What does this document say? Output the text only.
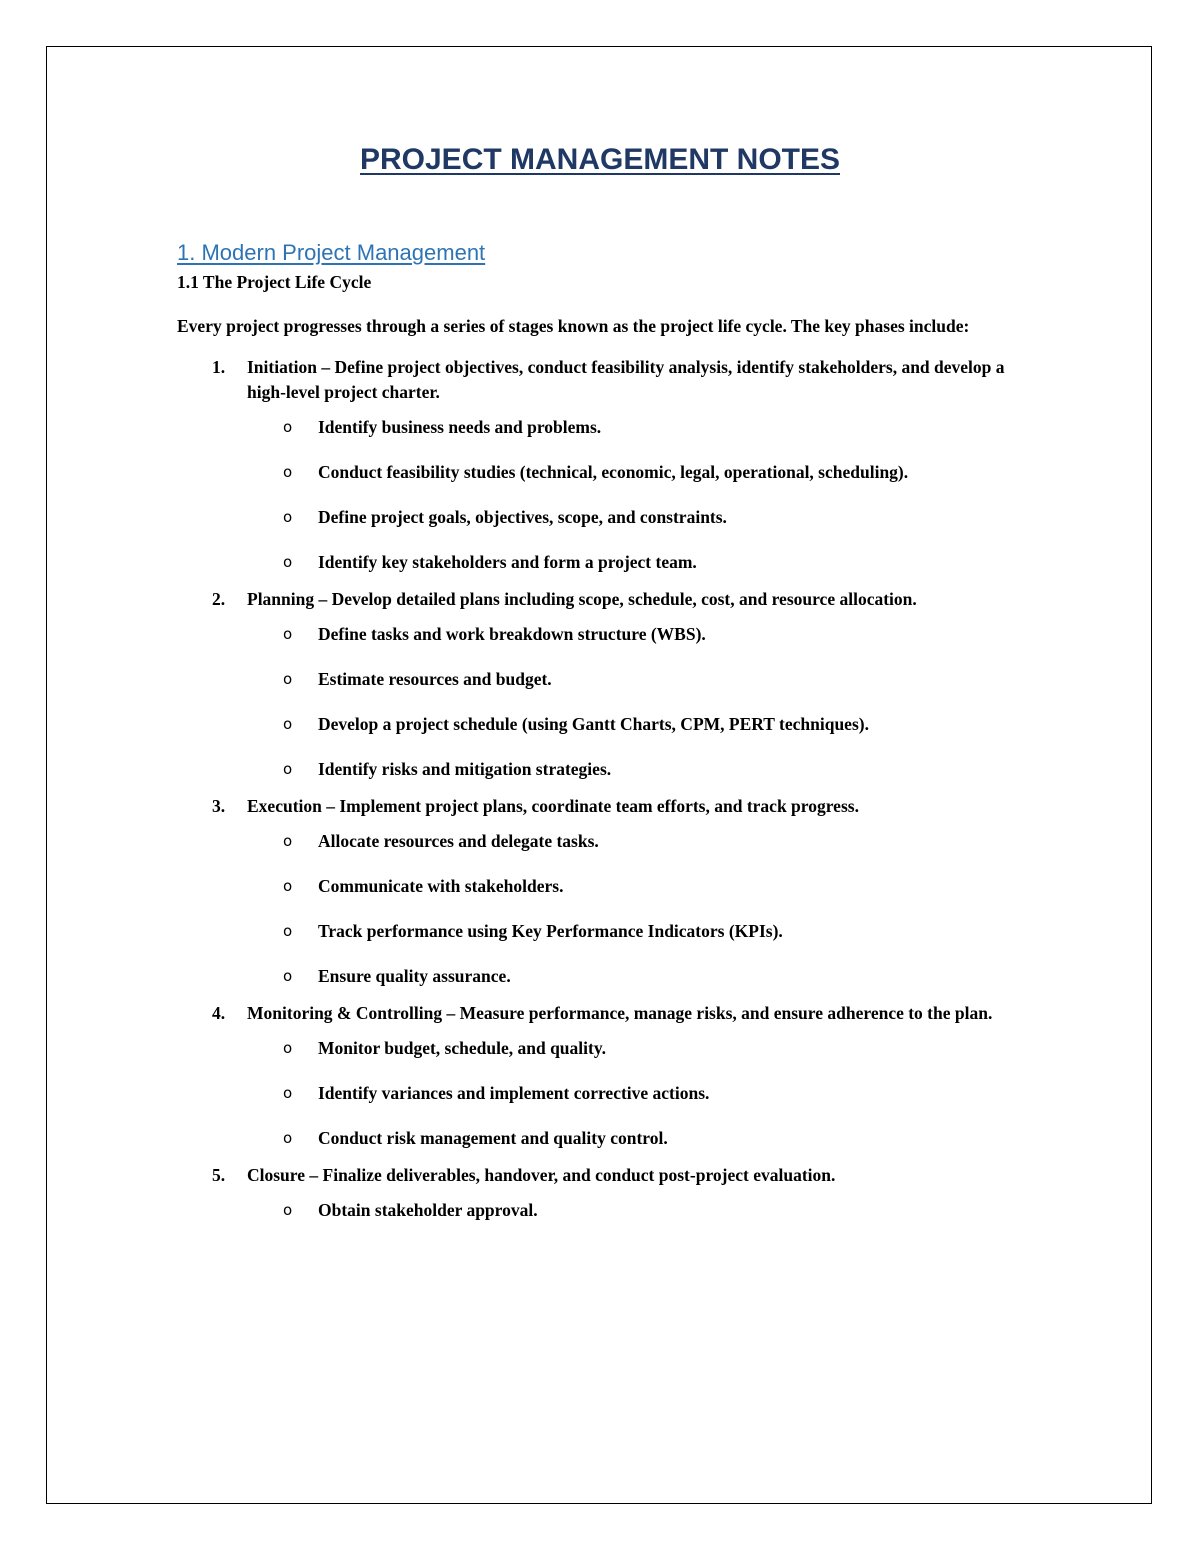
PROJECT MANAGEMENT NOTES
1. Modern Project Management
1.1 The Project Life Cycle

Every project progresses through a series of stages known as the project life cycle. The key phases include:

1. Initiation – Define project objectives, conduct feasibility analysis, identify stakeholders, and develop a high-level project charter.
o Identify business needs and problems.
o Conduct feasibility studies (technical, economic, legal, operational, scheduling).
o Define project goals, objectives, scope, and constraints.
o Identify key stakeholders and form a project team.
2. Planning – Develop detailed plans including scope, schedule, cost, and resource allocation.
o Define tasks and work breakdown structure (WBS).
o Estimate resources and budget.
o Develop a project schedule (using Gantt Charts, CPM, PERT techniques).
o Identify risks and mitigation strategies.
3. Execution – Implement project plans, coordinate team efforts, and track progress.
o Allocate resources and delegate tasks.
o Communicate with stakeholders.
o Track performance using Key Performance Indicators (KPIs).
o Ensure quality assurance.
4. Monitoring & Controlling – Measure performance, manage risks, and ensure adherence to the plan.
o Monitor budget, schedule, and quality.
o Identify variances and implement corrective actions.
o Conduct risk management and quality control.
5. Closure – Finalize deliverables, handover, and conduct post-project evaluation.
o Obtain stakeholder approval.
